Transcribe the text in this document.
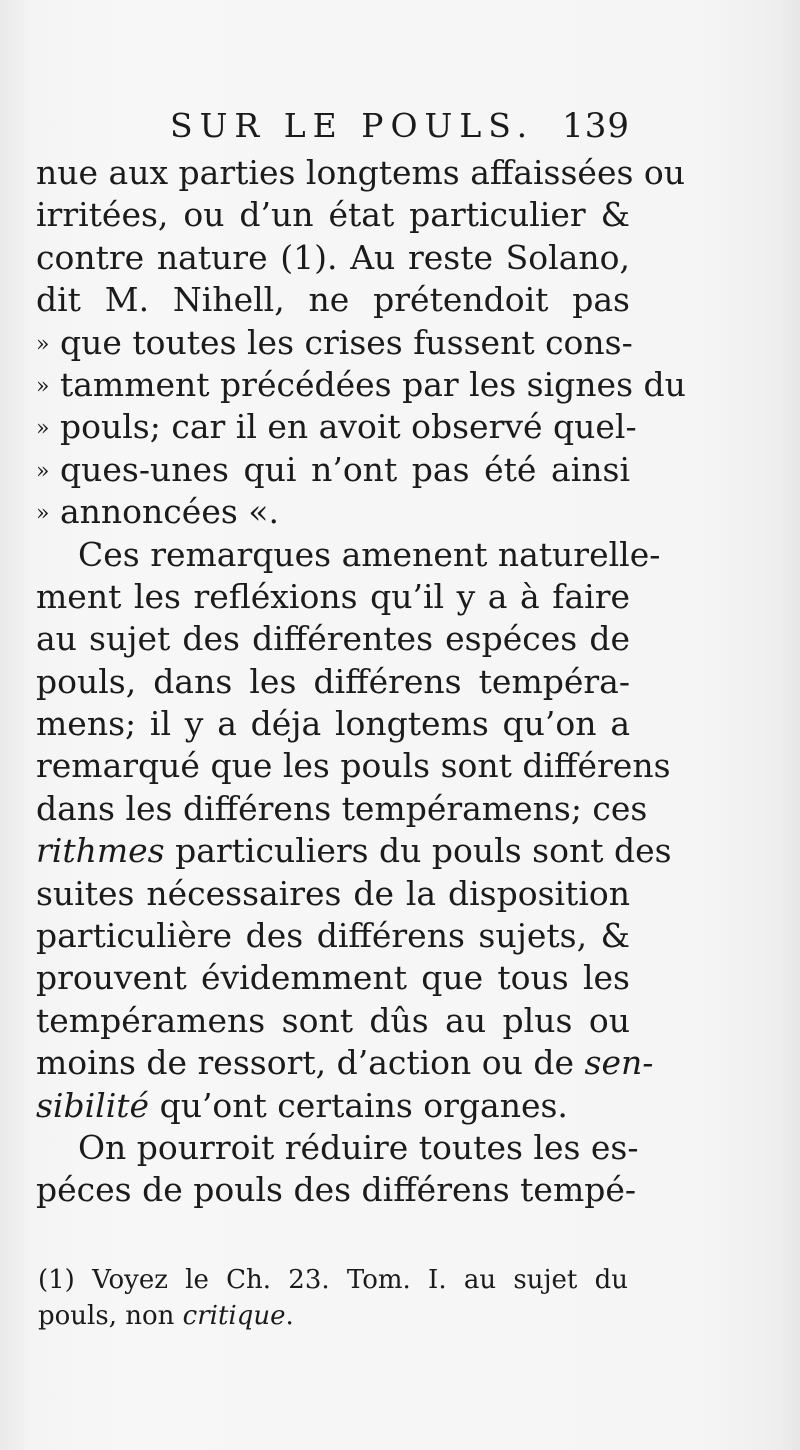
SUR LE POULS. 139
nue aux parties longtems affaissées ou
irritées, ou d’un état particulier &
contre nature (1). Au reste Solano,
dit M. Nihell, ne prétendoit pas
» que toutes les crises fussent cons-
» tamment précédées par les signes du
» pouls; car il en avoit observé quel-
» ques-unes qui n’ont pas été ainsi
» annoncées «.
Ces remarques amenent naturelle-
ment les refléxions qu’il y a à faire
au sujet des différentes espéces de
pouls, dans les différens tempéra-
mens; il y a déja longtems qu’on a
remarqué que les pouls sont différens
dans les différens tempéramens; ces
rithmes particuliers du pouls sont des
suites nécessaires de la disposition
particulière des différens sujets, &
prouvent évidemment que tous les
tempéramens sont dûs au plus ou
moins de ressort, d’action ou de sen-
sibilité qu’ont certains organes.
On pourroit réduire toutes les es-
péces de pouls des différens tempé-
(1) Voyez le Ch. 23. Tom. I. au sujet du
pouls, non critique.
